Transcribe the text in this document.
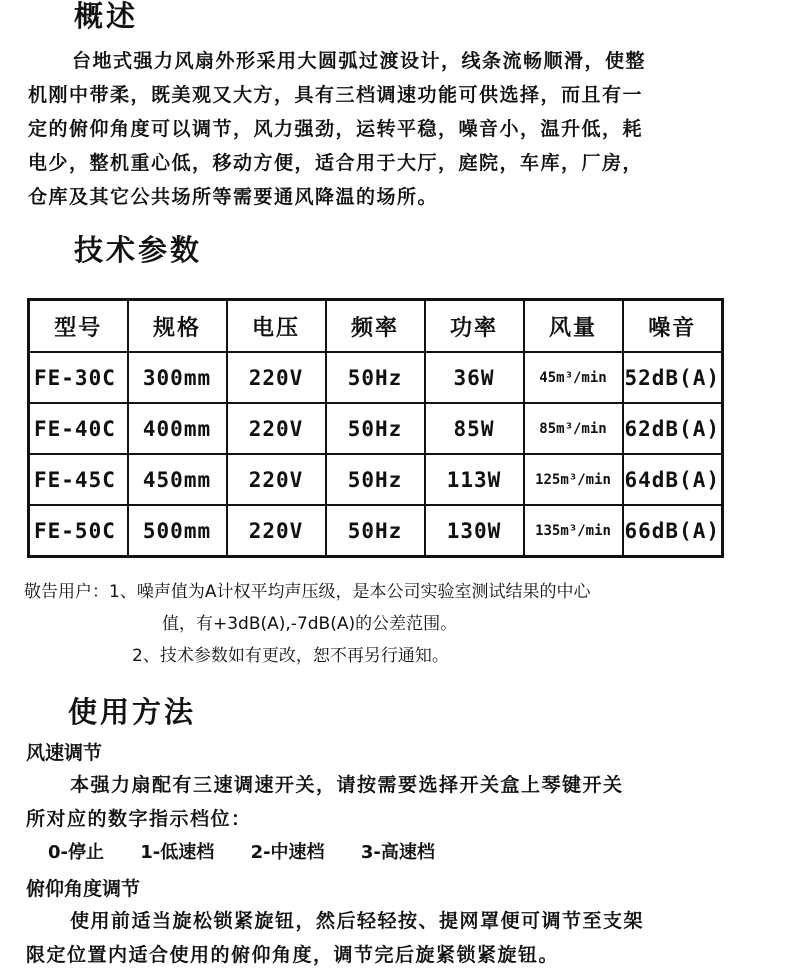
概述
台地式强力风扇外形采用大圆弧过渡设计，线条流畅顺滑，使整
机刚中带柔，既美观又大方，具有三档调速功能可供选择，而且有一
定的俯仰角度可以调节，风力强劲，运转平稳，噪音小，温升低，耗
电少，整机重心低，移动方便，适合用于大厅，庭院，车库，厂房，
仓库及其它公共场所等需要通风降温的场所。
技术参数
型号	规格	电压	频率	功率	风量	噪音
FE-30C	300mm	220V	50Hz	36W	45m³/min	52dB(A)
FE-40C	400mm	220V	50Hz	85W	85m³/min	62dB(A)
FE-45C	450mm	220V	50Hz	113W	125m³/min	64dB(A)
FE-50C	500mm	220V	50Hz	130W	135m³/min	66dB(A)

敬告用户：1、噪声值为A计权平均声压级，是本公司实验室测试结果的中心

值，有+3dB(A),-7dB(A)的公差范围。

2、技术参数如有更改，恕不再另行通知。

使用方法

风速调节

本强力扇配有三速调速开关，请按需要选择开关盒上琴键开关
所对应的数字指示档位：
0-停止 1-低速档 2-中速档 3-高速档

俯仰角度调节

使用前适当旋松锁紧旋钮，然后轻轻按、提网罩便可调节至支架
限定位置内适合使用的俯仰角度，调节完后旋紧锁紧旋钮。
